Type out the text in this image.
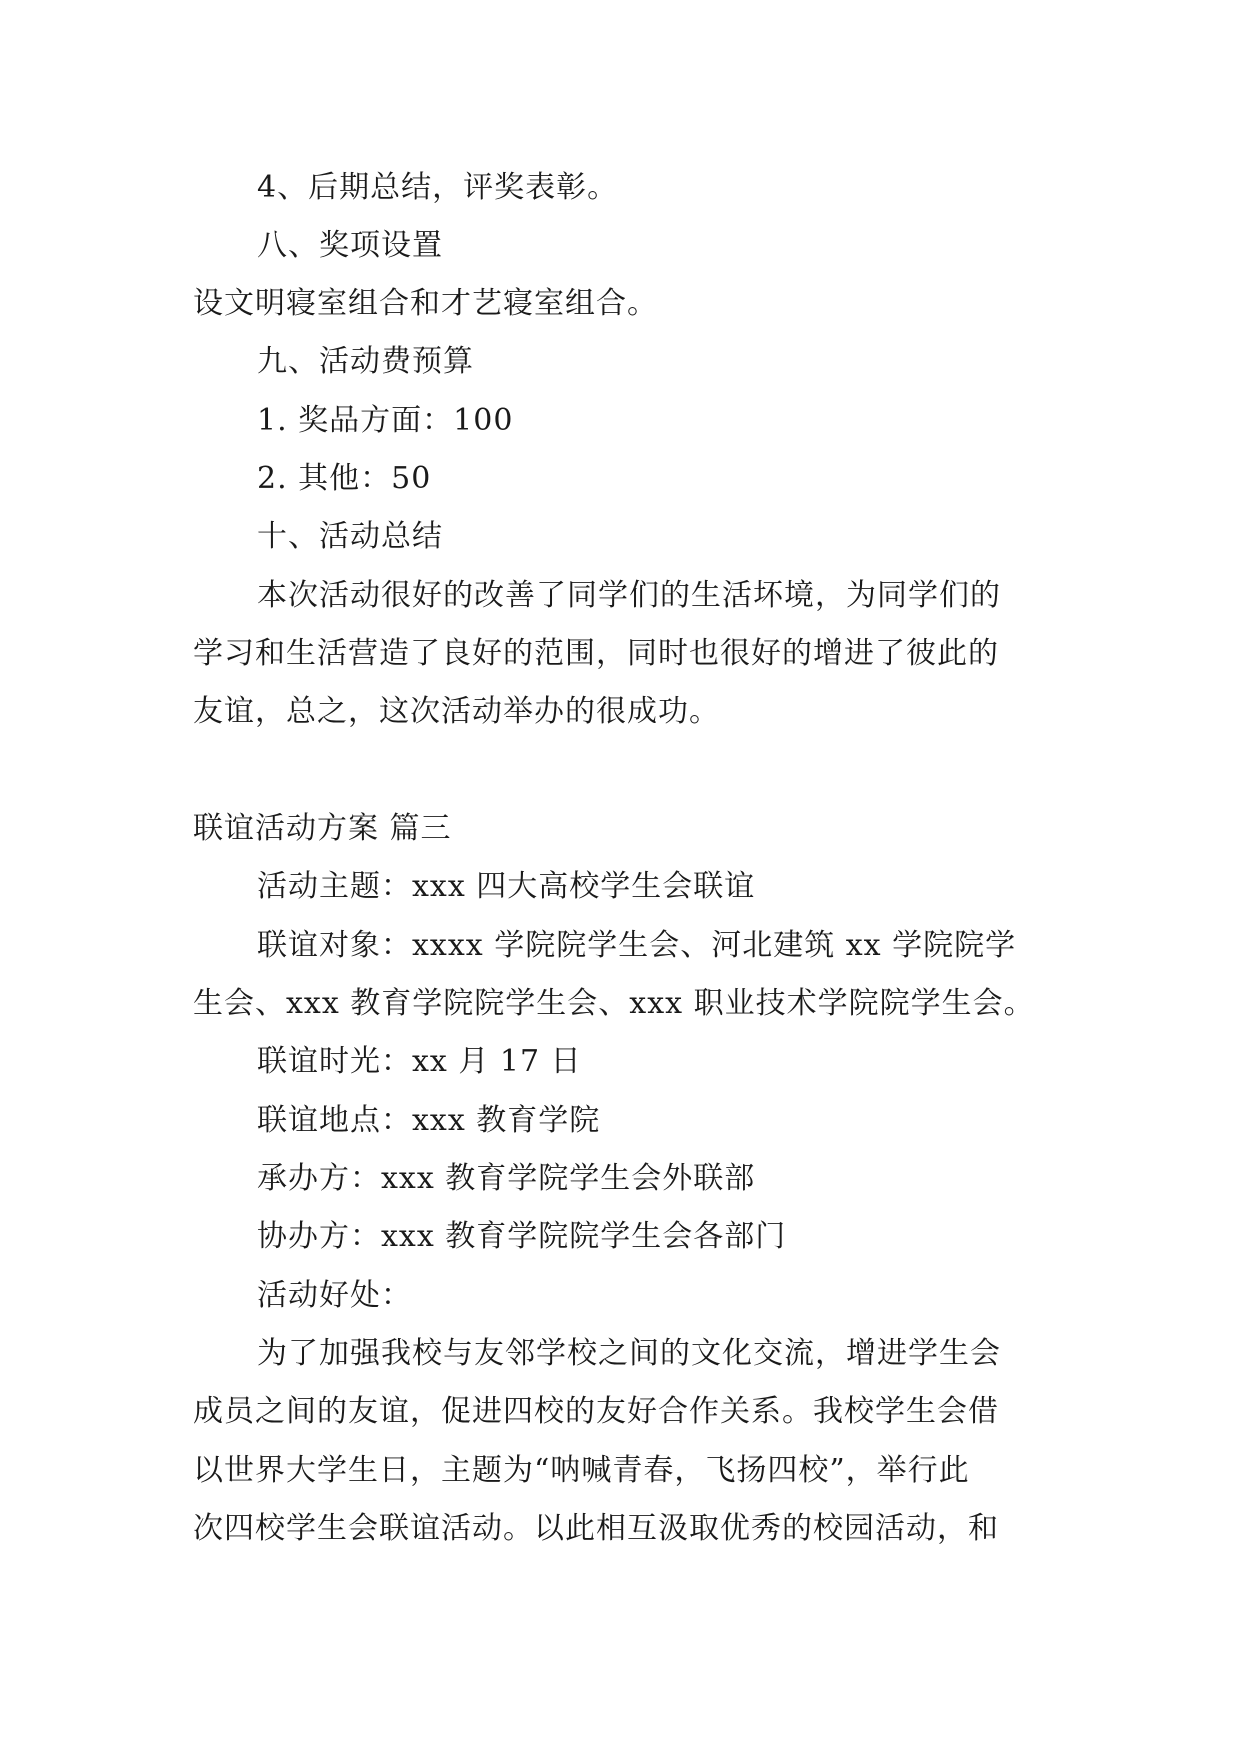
4、后期总结，评奖表彰。
八、奖项设置
设文明寝室组合和才艺寝室组合。
九、活动费预算
1. 奖品方面：100
2. 其他：50
十、活动总结
本次活动很好的改善了同学们的生活坏境，为同学们的
学习和生活营造了良好的范围，同时也很好的增进了彼此的
友谊，总之，这次活动举办的很成功。
联谊活动方案 篇三
活动主题：xxx 四大高校学生会联谊
联谊对象：xxxx 学院院学生会、河北建筑 xx 学院院学
生会、xxx 教育学院院学生会、xxx 职业技术学院院学生会。
联谊时光：xx 月 17 日
联谊地点：xxx 教育学院
承办方：xxx 教育学院学生会外联部
协办方：xxx 教育学院院学生会各部门
活动好处：
为了加强我校与友邻学校之间的文化交流，增进学生会
成员之间的友谊，促进四校的友好合作关系。我校学生会借
以世界大学生日，主题为“呐喊青春，飞扬四校”，举行此
次四校学生会联谊活动。以此相互汲取优秀的校园活动，和
